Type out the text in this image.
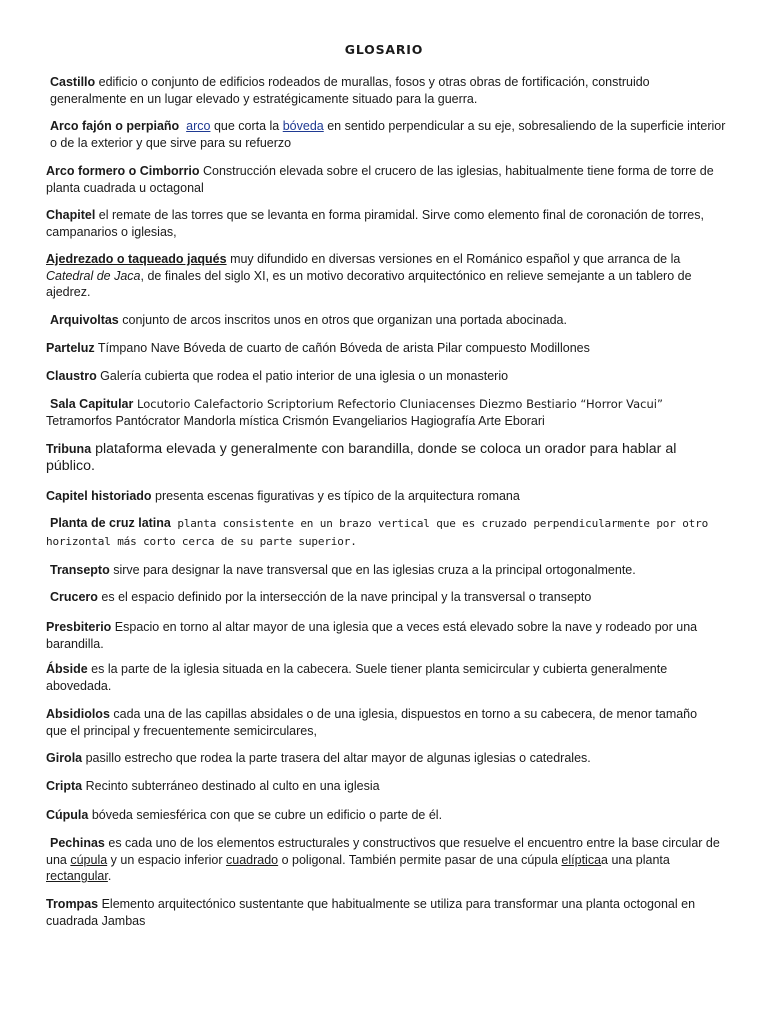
GLOSARIO
Castillo edificio o conjunto de edificios rodeados de murallas, fosos y otras obras de fortificación, construido generalmente en un lugar elevado y estratégicamente situado para la guerra.
Arco fajón o perpiaño arco que corta la bóveda en sentido perpendicular a su eje, sobresaliendo de la superficie interior o de la exterior y que sirve para su refuerzo
Arco formero o Cimborrio Construcción elevada sobre el crucero de las iglesias, habitualmente tiene forma de torre de planta cuadrada u octagonal
Chapitel el remate de las torres que se levanta en forma piramidal. Sirve como elemento final de coronación de torres, campanarios o iglesias,
Ajedrezado o taqueado jaqués muy difundido en diversas versiones en el Románico español y que arranca de la Catedral de Jaca, de finales del siglo XI, es un motivo decorativo arquitectónico en relieve semejante a un tablero de ajedrez.
Arquivoltas conjunto de arcos inscritos unos en otros que organizan una portada abocinada.
Parteluz Tímpano Nave Bóveda de cuarto de cañón Bóveda de arista Pilar compuesto Modillones
Claustro Galería cubierta que rodea el patio interior de una iglesia o un monasterio
Sala Capitular Locutorio Calefactorio Scriptorium Refectorio Cluniacenses Diezmo Bestiario “Horror Vacui”
Tetramorfos Pantócrator Mandorla mística Crismón Evangeliarios Hagiografía Arte Eborari
Tribuna plataforma elevada y generalmente con barandilla, donde se coloca un orador para hablar al público.
Capitel historiado presenta escenas figurativas y es típico de la arquitectura romana
Planta de cruz latina planta consistente en un brazo vertical que es cruzado perpendicularmente por otro horizontal más corto cerca de su parte superior.
Transepto sirve para designar la nave transversal que en las iglesias cruza a la principal ortogonalmente.
Crucero es el espacio definido por la intersección de la nave principal y la transversal o transepto
Presbiterio Espacio en torno al altar mayor de una iglesia que a veces está elevado sobre la nave y rodeado por una barandilla.
Ábside es la parte de la iglesia situada en la cabecera. Suele tiener planta semicircular y cubierta generalmente abovedada.
Absidiolos cada una de las capillas absidales o de una iglesia, dispuestos en torno a su cabecera, de menor tamaño que el principal y frecuentemente semicirculares,
Girola pasillo estrecho que rodea la parte trasera del altar mayor de algunas iglesias o catedrales.
Cripta Recinto subterráneo destinado al culto en una iglesia
Cúpula bóveda semiesférica con que se cubre un edificio o parte de él.
Pechinas es cada uno de los elementos estructurales y constructivos que resuelve el encuentro entre la base circular de una cúpula y un espacio inferior cuadrado o poligonal. También permite pasar de una cúpula elípticaa una planta rectangular.
Trompas Elemento arquitectónico sustentante que habitualmente se utiliza para transformar una planta octogonal en cuadrada Jambas
